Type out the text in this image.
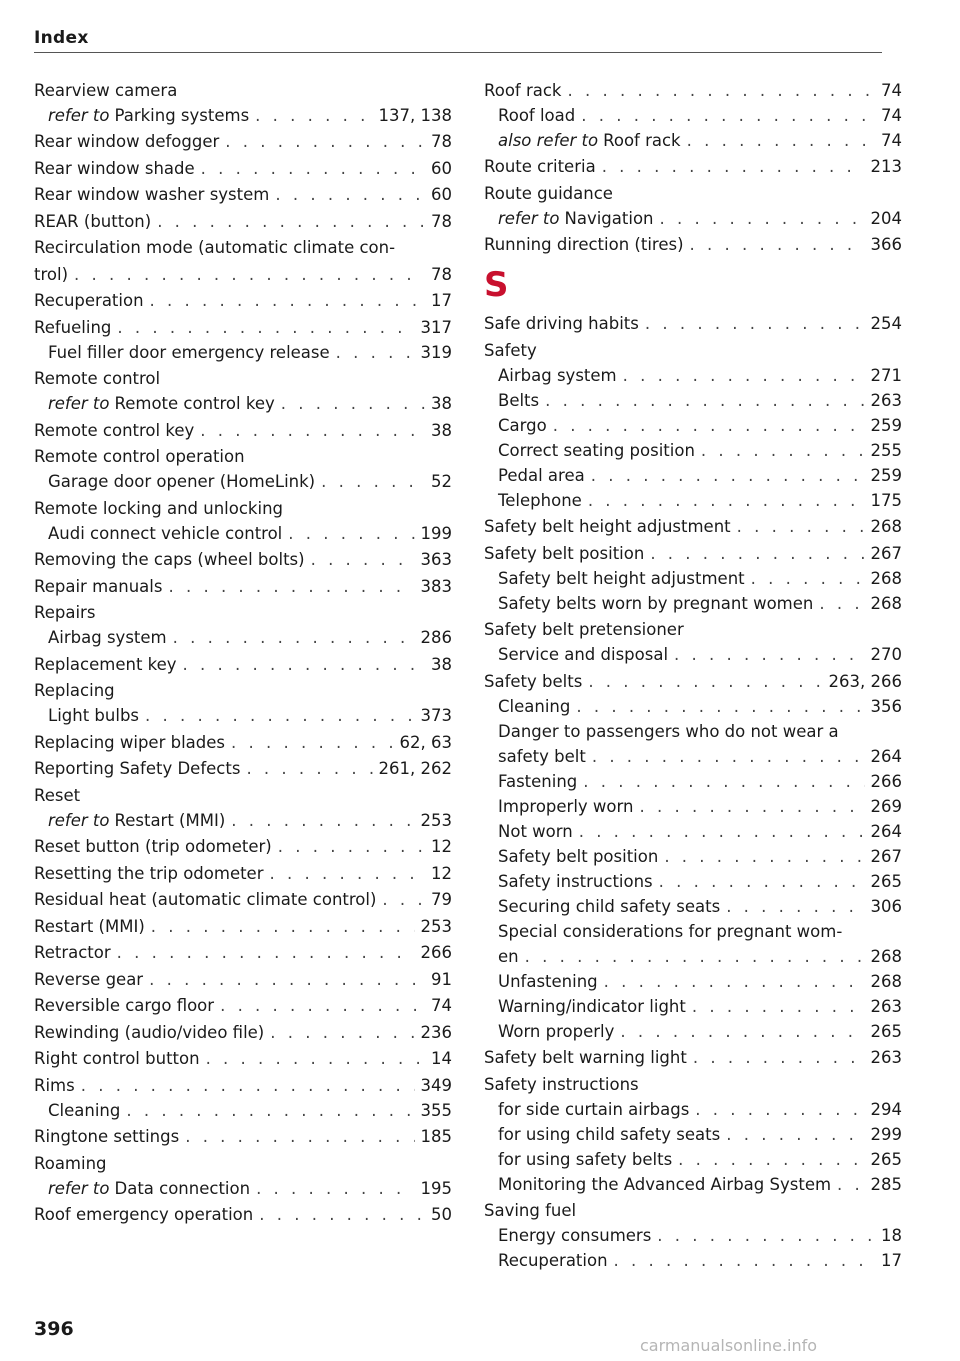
Index
Rearview camera
refer to Parking systems . . .	137, 138
Rear window defogger . . .	78
Rear window shade . . .	60
Rear window washer system . . .	60
REAR (button) . . .	78
Recirculation mode (automatic climate con-
trol) . . .	78
Recuperation . . .	17
Refueling . . .	317
Fuel filler door emergency release . . .	319
Remote control
refer to Remote control key . . .	38
Remote control key . . .	38
Remote control operation
Garage door opener (HomeLink) . . .	52
Remote locking and unlocking
Audi connect vehicle control . . .	199
Removing the caps (wheel bolts) . . .	363
Repair manuals . . .	383
Repairs
Airbag system . . .	286
Replacement key . . .	38
Replacing
Light bulbs . . .	373
Replacing wiper blades . . .	62, 63
Reporting Safety Defects . . .	261, 262
Reset
refer to Restart (MMI) . . .	253
Reset button (trip odometer) . . .	12
Resetting the trip odometer . . .	12
Residual heat (automatic climate control) . . .	79
Restart (MMI) . . .	253
Retractor . . .	266
Reverse gear . . .	91
Reversible cargo floor . . .	74
Rewinding (audio/video file) . . .	236
Right control button . . .	14
Rims . . .	349
Cleaning . . .	355
Ringtone settings . . .	185
Roaming
refer to Data connection . . .	195
Roof emergency operation . . .	50
Roof rack . . .	74
Roof load . . .	74
also refer to Roof rack . . .	74
Route criteria . . .	213
Route guidance
refer to Navigation . . .	204
Running direction (tires) . . .	366
S
Safe driving habits . . .	254
Safety
Airbag system . . .	271
Belts . . .	263
Cargo . . .	259
Correct seating position . . .	255
Pedal area . . .	259
Telephone . . .	175
Safety belt height adjustment . . .	268
Safety belt position . . .	267
Safety belt height adjustment . . .	268
Safety belts worn by pregnant women . . .	268
Safety belt pretensioner
Service and disposal . . .	270
Safety belts . . .	263, 266
Cleaning . . .	356
Danger to passengers who do not wear a
safety belt . . .	264
Fastening . . .	266
Improperly worn . . .	269
Not worn . . .	264
Safety belt position . . .	267
Safety instructions . . .	265
Securing child safety seats . . .	306
Special considerations for pregnant wom-
en . . .	268
Unfastening . . .	268
Warning/indicator light . . .	263
Worn properly . . .	265
Safety belt warning light . . .	263
Safety instructions
for side curtain airbags . . .	294
for using child safety seats . . .	299
for using safety belts . . .	265
Monitoring the Advanced Airbag System . . . 285
Saving fuel
Energy consumers . . .	18
Recuperation . . .	17
396
carmanualsonline.info
